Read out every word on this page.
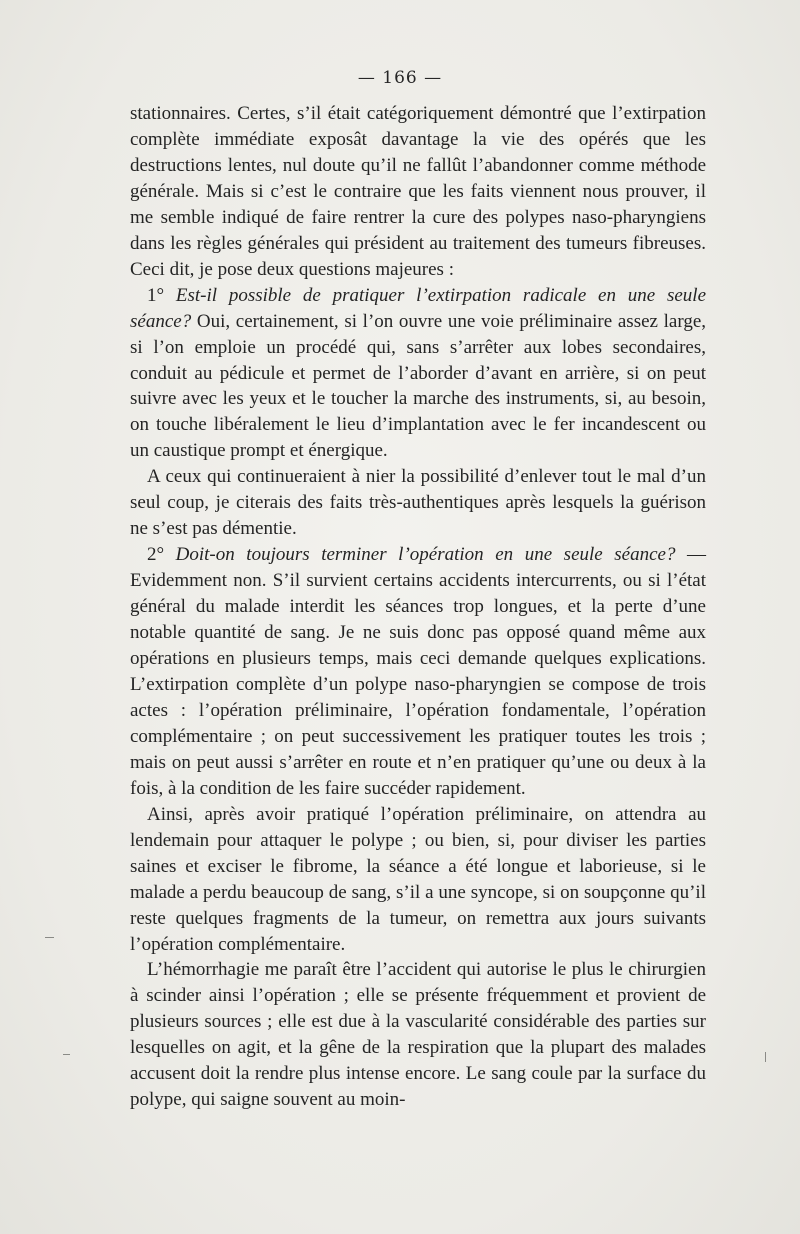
— 166 —

stationnaires. Certes, s’il était catégoriquement démontré que l’extirpation complète immédiate exposât davantage la vie des opérés que les destructions lentes, nul doute qu’il ne fallût l’abandonner comme méthode générale. Mais si c’est le contraire que les faits viennent nous prouver, il me semble indiqué de faire rentrer la cure des polypes naso-pharyngiens dans les règles générales qui président au traitement des tumeurs fibreuses. Ceci dit, je pose deux questions majeures :

1° Est-il possible de pratiquer l’extirpation radicale en une seule séance? Oui, certainement, si l’on ouvre une voie préliminaire assez large, si l’on emploie un procédé qui, sans s’arrêter aux lobes secondaires, conduit au pédicule et permet de l’aborder d’avant en arrière, si on peut suivre avec les yeux et le toucher la marche des instruments, si, au besoin, on touche libéralement le lieu d’implantation avec le fer incandescent ou un caustique prompt et énergique.

A ceux qui continueraient à nier la possibilité d’enlever tout le mal d’un seul coup, je citerais des faits très-authentiques après lesquels la guérison ne s’est pas démentie.

2° Doit-on toujours terminer l’opération en une seule séance? — Evidemment non. S’il survient certains accidents intercurrents, ou si l’état général du malade interdit les séances trop longues, et la perte d’une notable quantité de sang. Je ne suis donc pas opposé quand même aux opérations en plusieurs temps, mais ceci demande quelques explications. L’extirpation complète d’un polype naso-pharyngien se compose de trois actes : l’opération préliminaire, l’opération fondamentale, l’opération complémentaire ; on peut successivement les pratiquer toutes les trois ; mais on peut aussi s’arrêter en route et n’en pratiquer qu’une ou deux à la fois, à la condition de les faire succéder rapidement.

Ainsi, après avoir pratiqué l’opération préliminaire, on attendra au lendemain pour attaquer le polype ; ou bien, si, pour diviser les parties saines et exciser le fibrome, la séance a été longue et laborieuse, si le malade a perdu beaucoup de sang, s’il a une syncope, si on soupçonne qu’il reste quelques fragments de la tumeur, on remettra aux jours suivants l’opération complémentaire.

L’hémorrhagie me paraît être l’accident qui autorise le plus le chirurgien à scinder ainsi l’opération ; elle se présente fréquemment et provient de plusieurs sources ; elle est due à la vascularité considérable des parties sur lesquelles on agit, et la gêne de la respiration que la plupart des malades accusent doit la rendre plus intense encore. Le sang coule par la surface du polype, qui saigne souvent au moin-
